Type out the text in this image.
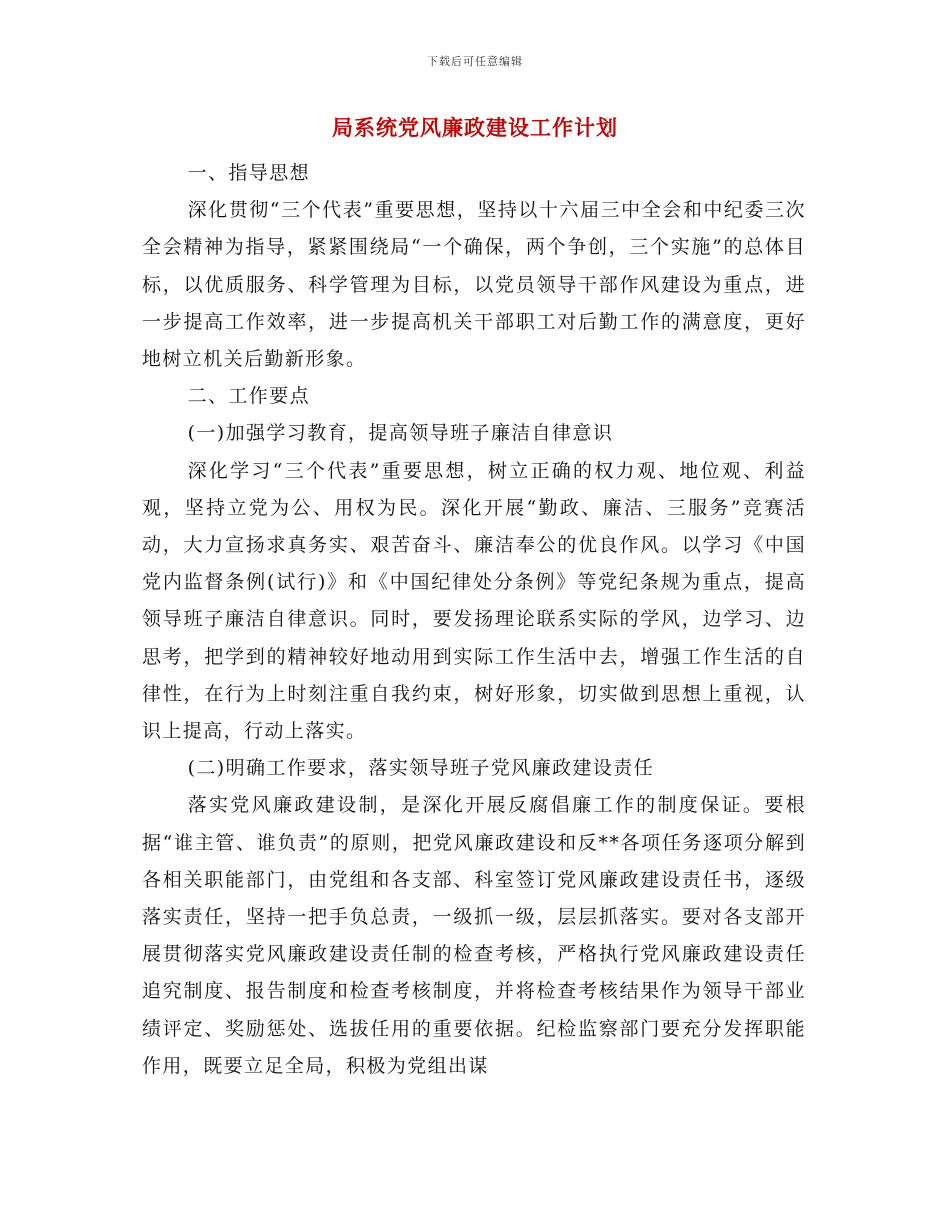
下载后可任意编辑
局系统党风廉政建设工作计划

一、指导思想

深化贯彻“三个代表”重要思想，坚持以十六届三中全会和中纪委三次全会精神为指导，紧紧围绕局“一个确保，两个争创，三个实施”的总体目标，以优质服务、科学管理为目标，以党员领导干部作风建设为重点，进一步提高工作效率，进一步提高机关干部职工对后勤工作的满意度，更好地树立机关后勤新形象。

二、工作要点

(一)加强学习教育，提高领导班子廉洁自律意识

深化学习“三个代表”重要思想，树立正确的权力观、地位观、利益观，坚持立党为公、用权为民。深化开展“勤政、廉洁、三服务”竞赛活动，大力宣扬求真务实、艰苦奋斗、廉洁奉公的优良作风。以学习《中国党内监督条例(试行)》和《中国纪律处分条例》等党纪条规为重点，提高领导班子廉洁自律意识。同时，要发扬理论联系实际的学风，边学习、边思考，把学到的精神较好地动用到实际工作生活中去，增强工作生活的自律性，在行为上时刻注重自我约束，树好形象，切实做到思想上重视，认识上提高，行动上落实。

(二)明确工作要求，落实领导班子党风廉政建设责任

落实党风廉政建设制，是深化开展反腐倡廉工作的制度保证。要根据“谁主管、谁负责”的原则，把党风廉政建设和反**各项任务逐项分解到各相关职能部门，由党组和各支部、科室签订党风廉政建设责任书，逐级落实责任，坚持一把手负总责，一级抓一级，层层抓落实。要对各支部开展贯彻落实党风廉政建设责任制的检查考核，严格执行党风廉政建设责任追究制度、报告制度和检查考核制度，并将检查考核结果作为领导干部业绩评定、奖励惩处、选拔任用的重要依据。纪检监察部门要充分发挥职能作用，既要立足全局，积极为党组出谋
